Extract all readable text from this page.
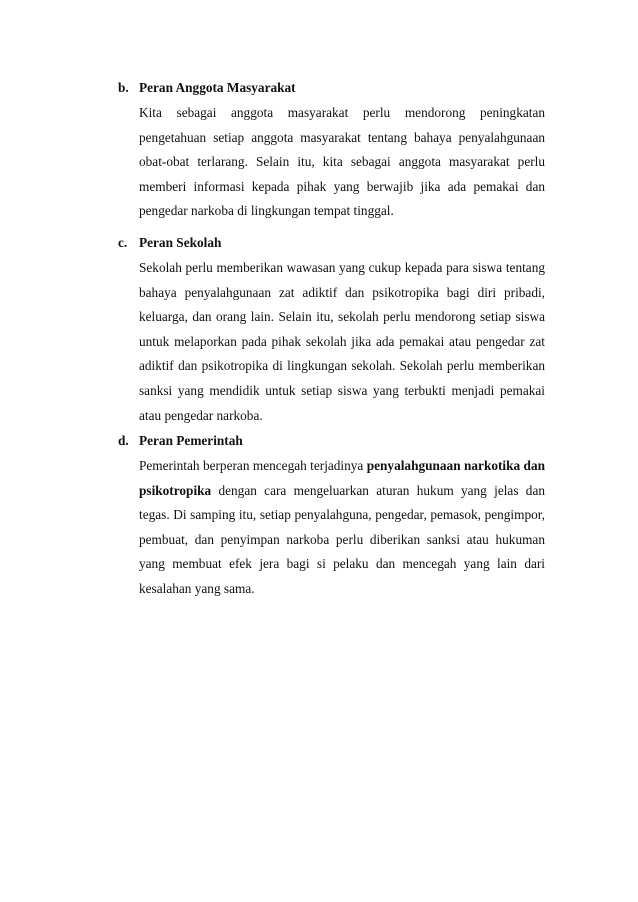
b. Peran Anggota Masyarakat

Kita sebagai anggota masyarakat perlu mendorong peningkatan pengetahuan setiap anggota masyarakat tentang bahaya penyalahgunaan obat-obat terlarang. Selain itu, kita sebagai anggota masyarakat perlu memberi informasi kepada pihak yang berwajib jika ada pemakai dan pengedar narkoba di lingkungan tempat tinggal.

c. Peran Sekolah

Sekolah perlu memberikan wawasan yang cukup kepada para siswa tentang bahaya penyalahgunaan zat adiktif dan psikotropika bagi diri pribadi, keluarga, dan orang lain. Selain itu, sekolah perlu mendorong setiap siswa untuk melaporkan pada pihak sekolah jika ada pemakai atau pengedar zat adiktif dan psikotropika di lingkungan sekolah. Sekolah perlu memberikan sanksi yang mendidik untuk setiap siswa yang terbukti menjadi pemakai atau pengedar narkoba.

d. Peran Pemerintah

Pemerintah berperan mencegah terjadinya penyalahgunaan narkotika dan psikotropika dengan cara mengeluarkan aturan hukum yang jelas dan tegas. Di samping itu, setiap penyalahguna, pengedar, pemasok, pengimpor, pembuat, dan penyimpan narkoba perlu diberikan sanksi atau hukuman yang membuat efek jera bagi si pelaku dan mencegah yang lain dari kesalahan yang sama.
